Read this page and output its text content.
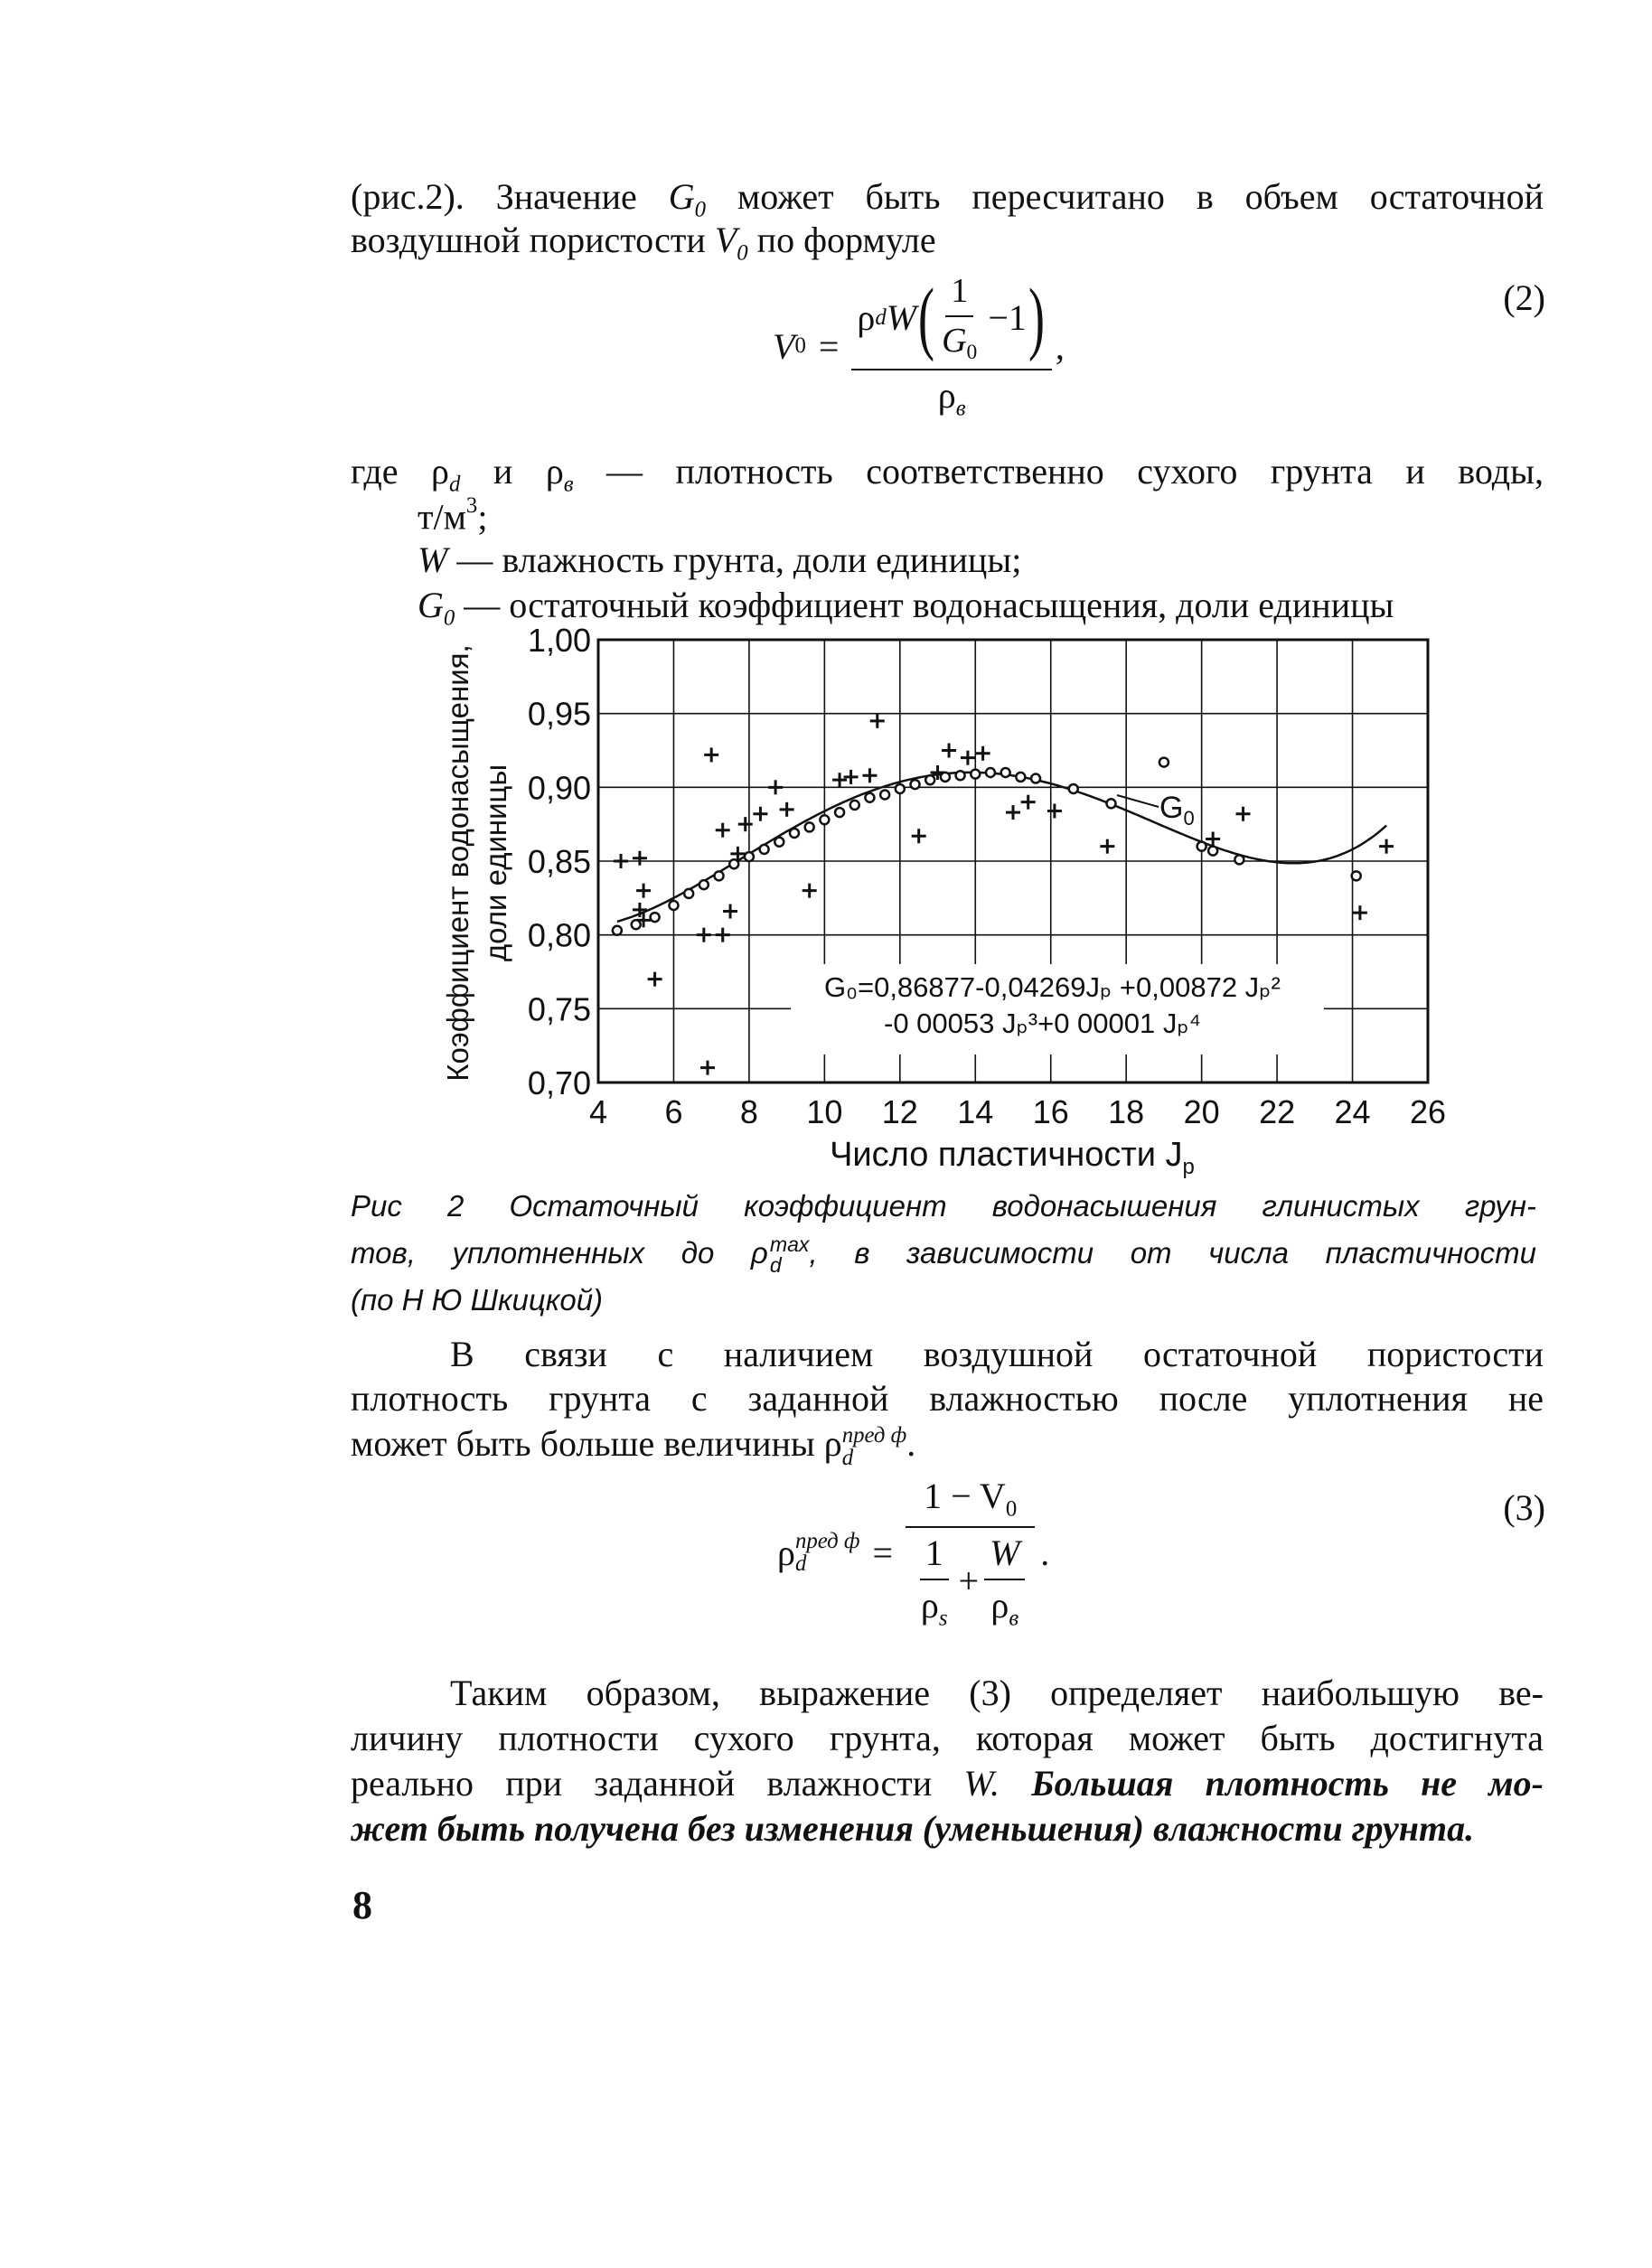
(рис.2). Значение $G_0$ может быть пересчитано в объем остаточной
воздушной пористости $V_0$ по формуле
V 0 =
ρ d W ( $\frac{1}{G_0} -1$ )
$\rho_в$
,
(2)
где $\rho_d$ и $\rho_в$ — плотность соответственно сухого грунта и воды,
$т/м^3$;
W — влажность грунта, доли единицы;
$G_0$ — остаточный коэффициент водонасыщения, доли единицы
0,70
0,75
0,80
0,85
0,90
0,95
1,00
4 6 8 10 12 14 16 18 20 22 24 26
$G_0$
G₀=0,86877-0,04269Jₚ +0,00872 Jₚ²
-0 00053 Jₚ³+0 00001 Jₚ⁴
Число пластичности $J_p$
Коэффициент водонасыщения, доли единицы
Рис 2 Остаточный коэффициент водонасышения глинистых грун-
тов, уплотненных до ρ max
d , в зависимости от числа пластичности
(по Н Ю Шкицкой)
В связи с наличием воздушной остаточной пористости
плотность грунта с заданной влажностью после уплотнения не
может быть больше величины ρ пред ф
d	.
ρ пред ф
d	= $\frac{1 - V_0}{\frac{1}{\rho_s} + \frac{W}{\rho_в}}$ .
(3)
Таким образом, выражение (3) определяет наибольшую ве-
личину плотности сухого грунта, которая может быть достигнута
реально при заданной влажности W. Большая плотность не мо-
жет быть получена без изменения (уменьшения) влажности грунта.
8
